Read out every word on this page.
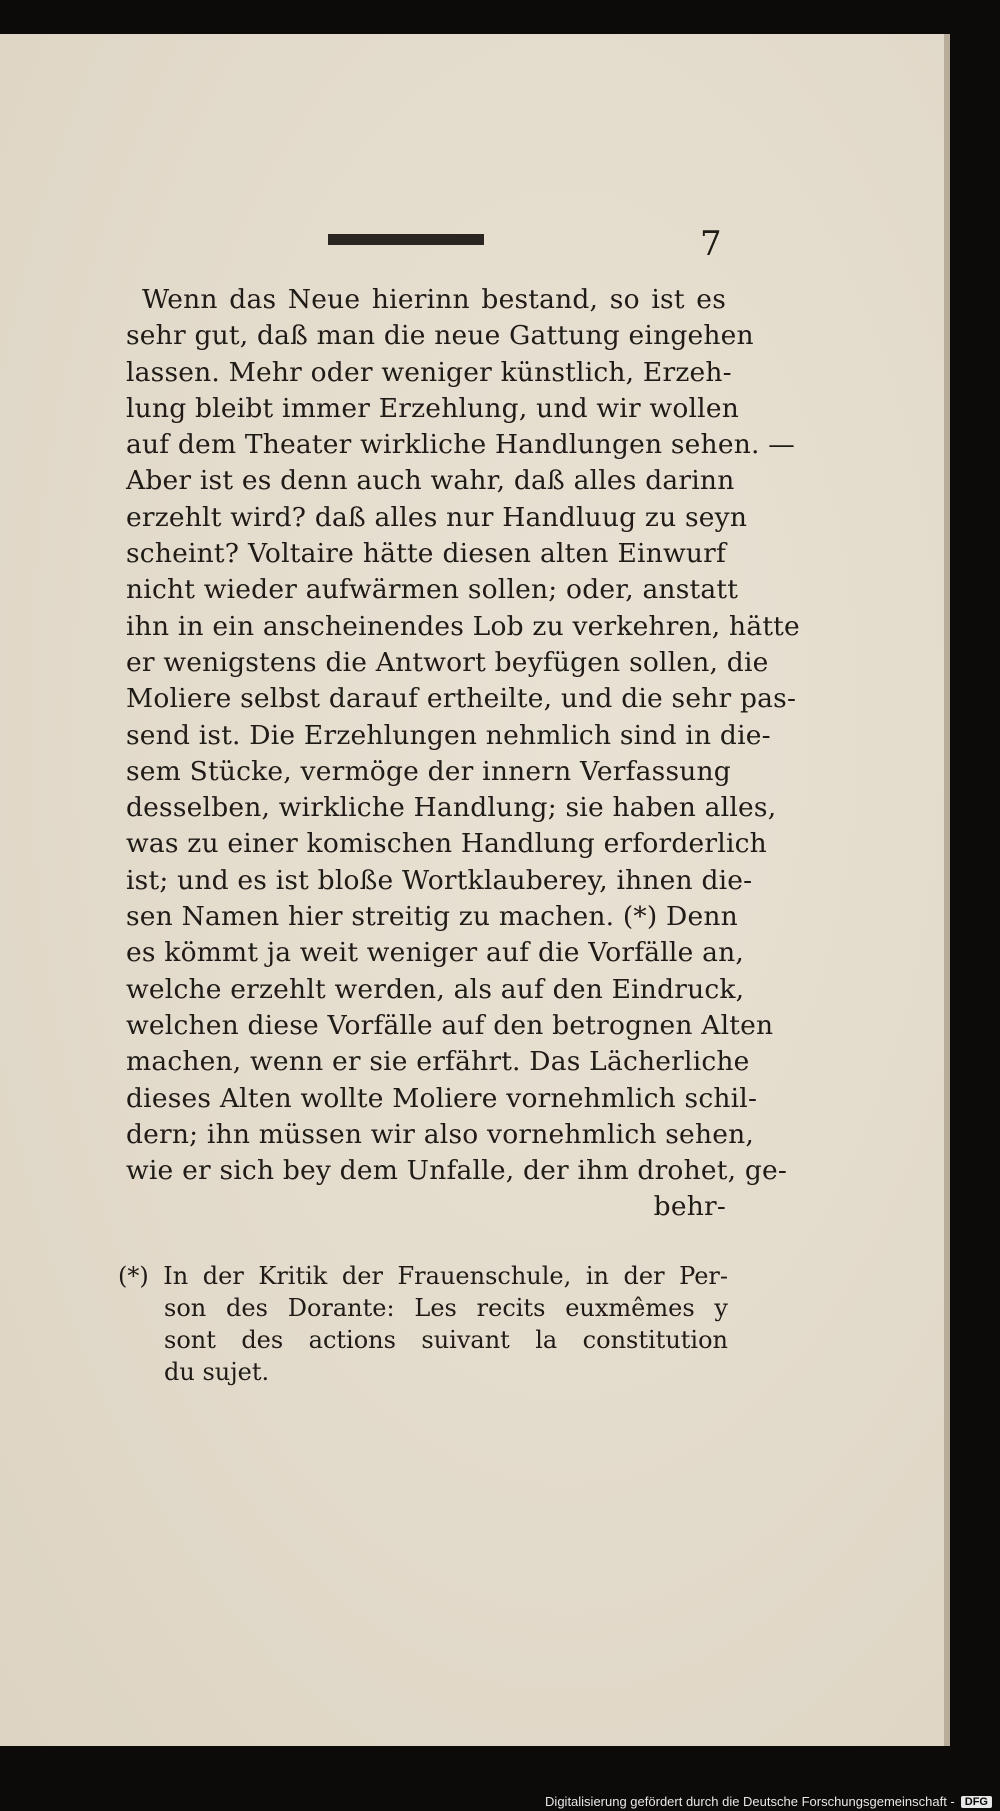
7
Wenn das Neue hierinn bestand, so ist es
sehr gut, daß man die neue Gattung eingehen
lassen. Mehr oder weniger künstlich, Erzeh-
lung bleibt immer Erzehlung, und wir wollen
auf dem Theater wirkliche Handlungen sehen. —
Aber ist es denn auch wahr, daß alles darinn
erzehlt wird? daß alles nur Handluug zu seyn
scheint? Voltaire hätte diesen alten Einwurf
nicht wieder aufwärmen sollen; oder, anstatt
ihn in ein anscheinendes Lob zu verkehren, hätte
er wenigstens die Antwort beyfügen sollen, die
Moliere selbst darauf ertheilte, und die sehr pas-
send ist. Die Erzehlungen nehmlich sind in die-
sem Stücke, vermöge der innern Verfassung
desselben, wirkliche Handlung; sie haben alles,
was zu einer komischen Handlung erforderlich
ist; und es ist bloße Wortklauberey, ihnen die-
sen Namen hier streitig zu machen. (*) Denn
es kömmt ja weit weniger auf die Vorfälle an,
welche erzehlt werden, als auf den Eindruck,
welchen diese Vorfälle auf den betrognen Alten
machen, wenn er sie erfährt. Das Lächerliche
dieses Alten wollte Moliere vornehmlich schil-
dern; ihn müssen wir also vornehmlich sehen,
wie er sich bey dem Unfalle, der ihm drohet, ge-
behr-
(*) In der Kritik der Frauenschule, in der Per-
son des Dorante: Les recits euxmêmes y
sont des actions suivant la constitution
du sujet.
Digitalisierung gefördert durch die Deutsche Forschungsgemeinschaft - DFG
